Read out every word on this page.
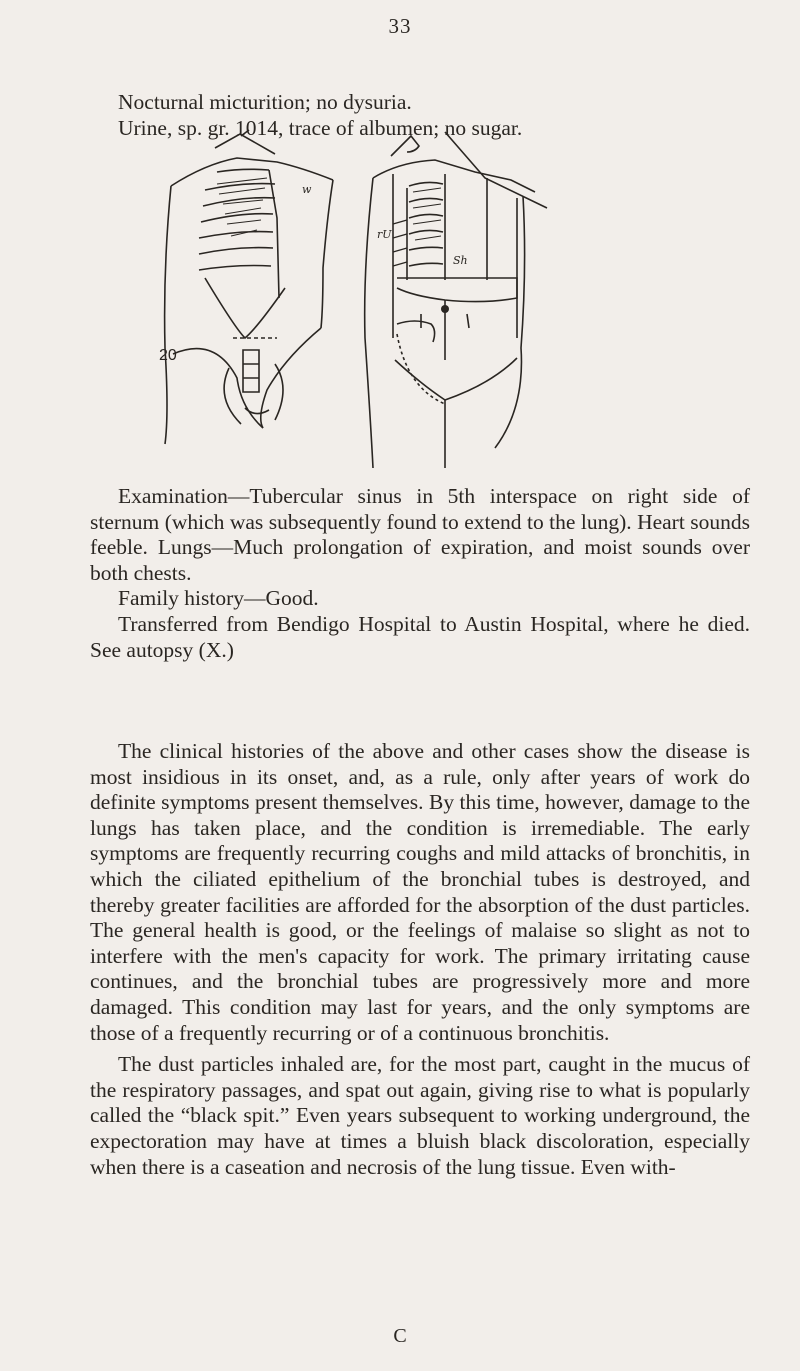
33

Nocturnal micturition; no dysuria.

Urine, sp. gr. 1014, trace of albumen; no sugar.

20
w
rU
Sh

Examination—Tubercular sinus in 5th interspace on right side of sternum (which was subsequently found to extend to the lung). Heart sounds feeble. Lungs—Much prolongation of expiration, and moist sounds over both chests.

Family history—Good.

Transferred from Bendigo Hospital to Austin Hospital, where he died. See autopsy (X.)

The clinical histories of the above and other cases show the disease is most insidious in its onset, and, as a rule, only after years of work do definite symptoms present themselves. By this time, however, damage to the lungs has taken place, and the condition is irremediable. The early symptoms are frequently recurring coughs and mild attacks of bronchitis, in which the ciliated epithelium of the bronchial tubes is destroyed, and thereby greater facilities are afforded for the absorption of the dust particles. The general health is good, or the feelings of malaise so slight as not to interfere with the men's capacity for work. The primary irritating cause continues, and the bronchial tubes are progressively more and more damaged. This condition may last for years, and the only symptoms are those of a frequently recurring or of a continuous bronchitis.

The dust particles inhaled are, for the most part, caught in the mucus of the respiratory passages, and spat out again, giving rise to what is popularly called the “black spit.” Even years subsequent to working underground, the expectoration may have at times a bluish black discoloration, especially when there is a caseation and necrosis of the lung tissue. Even with-

C
